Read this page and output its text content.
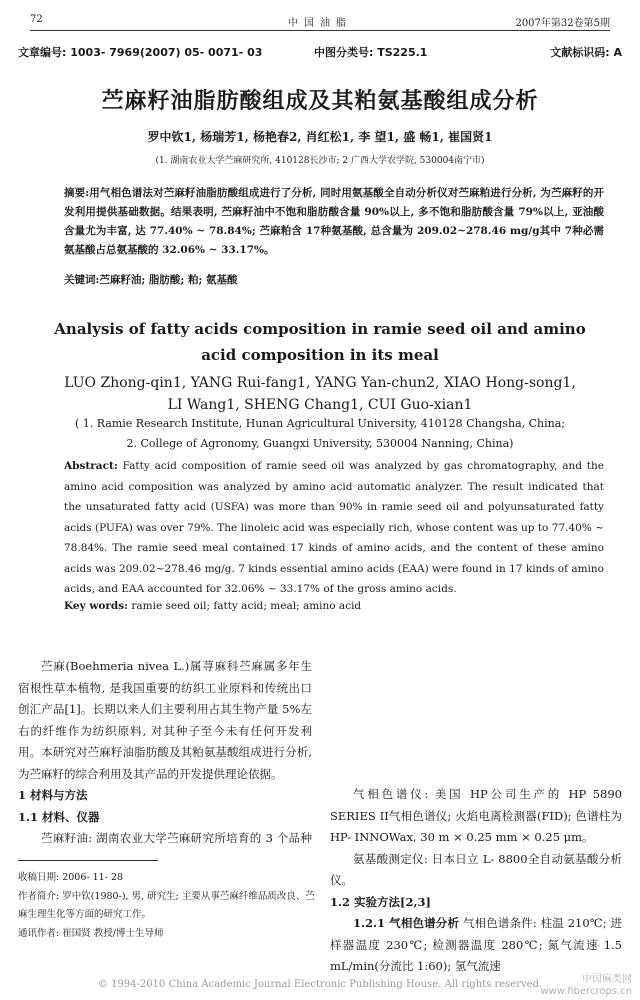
72	中国油脂	2007年第32卷第5期
文章编号: 1003- 7969(2007) 05- 0071- 03	中图分类号: TS225.1	文献标识码: A
苎麻籽油脂肪酸组成及其粕氨基酸组成分析
罗中钦1, 杨瑞芳1, 杨艳春2, 肖红松1, 李 望1, 盛 畅1, 崔国贤1
(1. 湖南农业大学苎麻研究所, 410128长沙市; 2 广西大学农学院, 530004南宁市)
摘要:用气相色谱法对苎麻籽油脂肪酸组成进行了分析, 同时用氨基酸全自动分析仪对苎麻粕进行分析, 为苎麻籽的开发利用提供基础数据。结果表明, 苎麻籽油中不饱和脂肪酸含量 90%以上, 多不饱和脂肪酸含量 79%以上, 亚油酸含量尤为丰富, 达 77.40% ~ 78.84%; 苎麻粕含 17种氨基酸, 总含量为 209.02~278.46 mg/g其中 7种必需氨基酸占总氨基酸的 32.06% ~ 33.17%。
关键词:苎麻籽油; 脂肪酸; 粕; 氨基酸
Analysis of fatty acids composition in ramie seed oil and amino acid composition in its meal
LUO Zhong-qin1, YANG Rui-fang1, YANG Yan-chun2, XIAO Hong-song1, LI Wang1, SHENG Chang1, CUI Guo-xian1
( 1. Ramie Research Institute, Hunan Agricultural University, 410128 Changsha, China;
2. College of Agronomy, Guangxi University, 530004 Nanning, China)
Abstract: Fatty acid composition of ramie seed oil was analyzed by gas chromatography, and the amino acid composition was analyzed by amino acid automatic analyzer. The result indicated that the unsaturated fatty acid (USFA) was more than 90% in ramie seed oil and polyunsaturated fatty acids (PUFA) was over 79%. The linoleic acid was especially rich, whose content was up to 77.40% ~ 78.84%. The ramie seed meal contained 17 kinds of amino acids, and the content of these amino acids was 209.02~278.46 mg/g. 7 kinds essential amino acids (EAA) were found in 17 kinds of amino acids, and EAA accounted for 32.06% ~ 33.17% of the gross amino acids.
Key words: ramie seed oil; fatty acid; meal; amino acid

苎麻(Boehmeria nivea L.)属荨麻科苎麻属多年生宿根性草本植物, 是我国重要的纺织工业原料和传统出口创汇产品[1]。长期以来人们主要利用占其生物产量 5%左右的纤维作为纺织原料, 对其种子至今未有任何开发利用。本研究对苎麻籽油脂肪酸及其粕氨基酸组成进行分析, 为苎麻籽的综合利用及其产品的开发提供理论依据。

1 材料与方法

1.1 材料、仪器

苎麻籽油: 湖南农业大学苎麻研究所培育的 3 个品种

收稿日期: 2006- 11- 28

作者简介: 罗中钦(1980-), 男, 研究生; 主要从事苎麻纤维品质改良、苎麻生理生化等方面的研究工作。

通讯作者: 崔国贤 教授/博士生导师

气相色谱仪: 美国 HP公司生产的 HP 5890 SERIES II气相色谱仪; 火焰电离检测器(FID); 色谱柱为 HP- INNOWax, 30 m × 0.25 mm × 0.25 μm。

氨基酸测定仪: 日本日立 L- 8800全自动氨基酸分析仪。

1.2 实验方法[2,3]

1.2.1 气相色谱分析 气相色谱条件: 柱温 210℃; 进样器温度 230℃; 检测器温度 280℃; 氮气流速 1.5 mL/min(分流比 1:60); 氢气流速

© 1994-2010 China Academic Journal Electronic Publishing House. All rights reserved.	中国麻类网
www.fibercrops.cn
